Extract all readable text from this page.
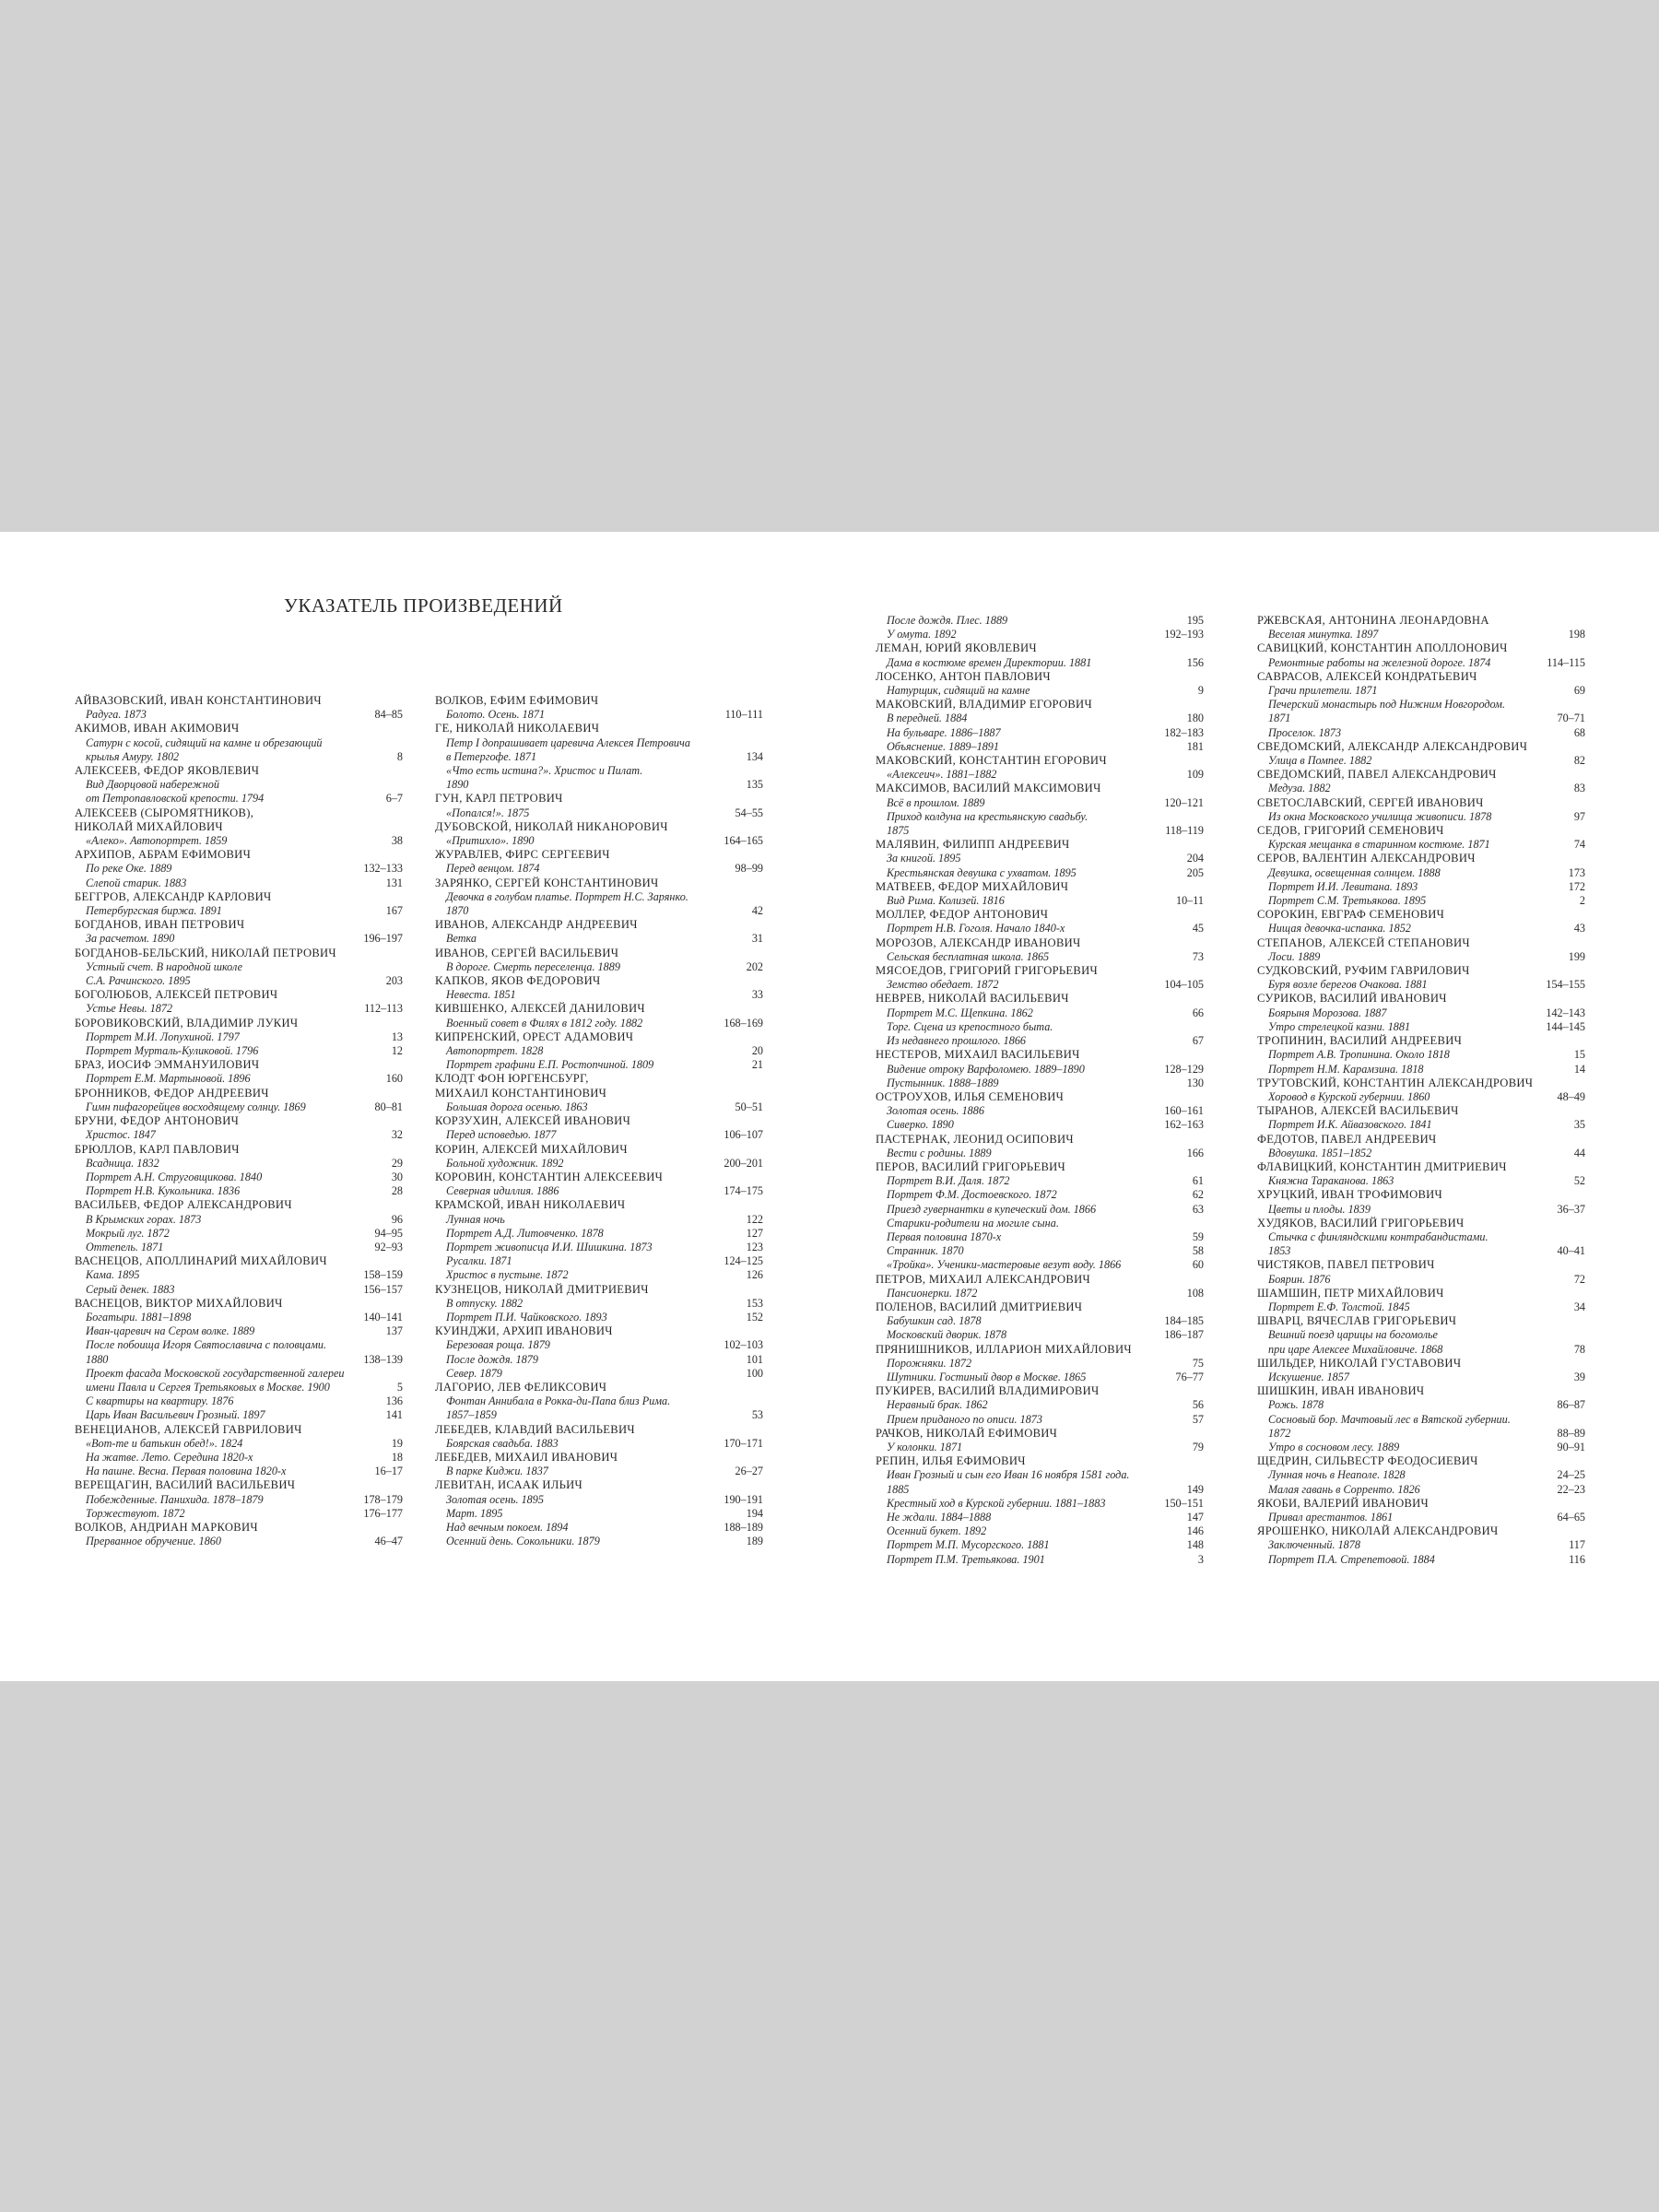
УКАЗАТЕЛЬ ПРОИЗВЕДЕНИЙ
АЙВАЗОВСКИЙ, ИВАН КОНСТАНТИНОВИЧ
Радуга. 1873	84–85
АКИМОВ, ИВАН АКИМОВИЧ
Сатурн с косой, сидящий на камне и обрезающий
крылья Амуру. 1802	8
АЛЕКСЕЕВ, ФЕДОР ЯКОВЛЕВИЧ
Вид Дворцовой набережной
от Петропавловской крепости. 1794	6–7
АЛЕКСЕЕВ (СЫРОМЯТНИКОВ),
НИКОЛАЙ МИХАЙЛОВИЧ
«Алеко». Автопортрет. 1859	38
АРХИПОВ, АБРАМ ЕФИМОВИЧ
По реке Оке. 1889	132–133
Слепой старик. 1883	131
БЕГГРОВ, АЛЕКСАНДР КАРЛОВИЧ
Петербургская биржа. 1891	167
БОГДАНОВ, ИВАН ПЕТРОВИЧ
За расчетом. 1890	196–197
БОГДАНОВ-БЕЛЬСКИЙ, НИКОЛАЙ ПЕТРОВИЧ
Устный счет. В народной школе
С.А. Рачинского. 1895	203
БОГОЛЮБОВ, АЛЕКСЕЙ ПЕТРОВИЧ
Устье Невы. 1872	112–113
БОРОВИКОВСКИЙ, ВЛАДИМИР ЛУКИЧ
Портрет М.И. Лопухиной. 1797	13
Портрет Мурталь-Куликовой. 1796	12
БРАЗ, ИОСИФ ЭММАНУИЛОВИЧ
Портрет Е.М. Мартыновой. 1896	160
БРОННИКОВ, ФЕДОР АНДРЕЕВИЧ
Гимн пифагорейцев восходящему солнцу. 1869	80–81
БРУНИ, ФЕДОР АНТОНОВИЧ
Христос. 1847	32
БРЮЛЛОВ, КАРЛ ПАВЛОВИЧ
Всадница. 1832	29
Портрет А.Н. Струговщикова. 1840	30
Портрет Н.В. Кукольника. 1836	28
ВАСИЛЬЕВ, ФЕДОР АЛЕКСАНДРОВИЧ
В Крымских горах. 1873	96
Мокрый луг. 1872	94–95
Оттепель. 1871	92–93
ВАСНЕЦОВ, АПОЛЛИНАРИЙ МИХАЙЛОВИЧ
Кама. 1895	158–159
Серый денек. 1883	156–157
ВАСНЕЦОВ, ВИКТОР МИХАЙЛОВИЧ
Богатыри. 1881–1898	140–141
Иван-царевич на Сером волке. 1889	137
После побоища Игоря Святославича с половцами.
1880	138–139
Проект фасада Московской государственной галереи
имени Павла и Сергея Третьяковых в Москве. 1900	5
С квартиры на квартиру. 1876	136
Царь Иван Васильевич Грозный. 1897	141
ВЕНЕЦИАНОВ, АЛЕКСЕЙ ГАВРИЛОВИЧ
«Вот-те и батькин обед!». 1824	19
На жатве. Лето. Середина 1820-х	18
На пашне. Весна. Первая половина 1820-х	16–17
ВЕРЕЩАГИН, ВАСИЛИЙ ВАСИЛЬЕВИЧ
Побежденные. Панихида. 1878–1879	178–179
Торжествуют. 1872	176–177
ВОЛКОВ, АНДРИАН МАРКОВИЧ
Прерванное обручение. 1860	46–47
ВОЛКОВ, ЕФИМ ЕФИМОВИЧ
Болото. Осень. 1871	110–111
ГЕ, НИКОЛАЙ НИКОЛАЕВИЧ
Петр I допрашивает царевича Алексея Петровича
в Петергофе. 1871	134
«Что есть истина?». Христос и Пилат.
1890	135
ГУН, КАРЛ ПЕТРОВИЧ
«Попался!». 1875	54–55
ДУБОВСКОЙ, НИКОЛАЙ НИКАНОРОВИЧ
«Притихло». 1890	164–165
ЖУРАВЛЕВ, ФИРС СЕРГЕЕВИЧ
Перед венцом. 1874	98–99
ЗАРЯНКО, СЕРГЕЙ КОНСТАНТИНОВИЧ
Девочка в голубом платье. Портрет Н.С. Зарянко.
1870	42
ИВАНОВ, АЛЕКСАНДР АНДРЕЕВИЧ
Ветка	31
ИВАНОВ, СЕРГЕЙ ВАСИЛЬЕВИЧ
В дороге. Смерть переселенца. 1889	202
КАПКОВ, ЯКОВ ФЕДОРОВИЧ
Невеста. 1851	33
КИВШЕНКО, АЛЕКСЕЙ ДАНИЛОВИЧ
Военный совет в Филях в 1812 году. 1882	168–169
КИПРЕНСКИЙ, ОРЕСТ АДАМОВИЧ
Автопортрет. 1828	20
Портрет графини Е.П. Ростопчиной. 1809	21
КЛОДТ ФОН ЮРГЕНСБУРГ,
МИХАИЛ КОНСТАНТИНОВИЧ
Большая дорога осенью. 1863	50–51
КОРЗУХИН, АЛЕКСЕЙ ИВАНОВИЧ
Перед исповедью. 1877	106–107
КОРИН, АЛЕКСЕЙ МИХАЙЛОВИЧ
Больной художник. 1892	200–201
КОРОВИН, КОНСТАНТИН АЛЕКСЕЕВИЧ
Северная идиллия. 1886	174–175
КРАМСКОЙ, ИВАН НИКОЛАЕВИЧ
Лунная ночь	122
Портрет А.Д. Литовченко. 1878	127
Портрет живописца И.И. Шишкина. 1873	123
Русалки. 1871	124–125
Христос в пустыне. 1872	126
КУЗНЕЦОВ, НИКОЛАЙ ДМИТРИЕВИЧ
В отпуску. 1882	153
Портрет П.И. Чайковского. 1893	152
КУИНДЖИ, АРХИП ИВАНОВИЧ
Березовая роща. 1879	102–103
После дождя. 1879	101
Север. 1879	100
ЛАГОРИО, ЛЕВ ФЕЛИКСОВИЧ
Фонтан Аннибала в Рокка-ди-Папа близ Рима.
1857–1859	53
ЛЕБЕДЕВ, КЛАВДИЙ ВАСИЛЬЕВИЧ
Боярская свадьба. 1883	170–171
ЛЕБЕДЕВ, МИХАИЛ ИВАНОВИЧ
В парке Киджи. 1837	26–27
ЛЕВИТАН, ИСААК ИЛЬИЧ
Золотая осень. 1895	190–191
Март. 1895	194
Над вечным покоем. 1894	188–189
Осенний день. Сокольники. 1879	189
После дождя. Плес. 1889	195
У омута. 1892	192–193
ЛЕМАН, ЮРИЙ ЯКОВЛЕВИЧ
Дама в костюме времен Директории. 1881	156
ЛОСЕНКО, АНТОН ПАВЛОВИЧ
Натурщик, сидящий на камне	9
МАКОВСКИЙ, ВЛАДИМИР ЕГОРОВИЧ
В передней. 1884	180
На бульваре. 1886–1887	182–183
Объяснение. 1889–1891	181
МАКОВСКИЙ, КОНСТАНТИН ЕГОРОВИЧ
«Алексеич». 1881–1882	109
МАКСИМОВ, ВАСИЛИЙ МАКСИМОВИЧ
Всё в прошлом. 1889	120–121
Приход колдуна на крестьянскую свадьбу.
1875	118–119
МАЛЯВИН, ФИЛИПП АНДРЕЕВИЧ
За книгой. 1895	204
Крестьянская девушка с ухватом. 1895	205
МАТВЕЕВ, ФЕДОР МИХАЙЛОВИЧ
Вид Рима. Колизей. 1816	10–11
МОЛЛЕР, ФЕДОР АНТОНОВИЧ
Портрет Н.В. Гоголя. Начало 1840-х	45
МОРОЗОВ, АЛЕКСАНДР ИВАНОВИЧ
Сельская бесплатная школа. 1865	73
МЯСОЕДОВ, ГРИГОРИЙ ГРИГОРЬЕВИЧ
Земство обедает. 1872	104–105
НЕВРЕВ, НИКОЛАЙ ВАСИЛЬЕВИЧ
Портрет М.С. Щепкина. 1862	66
Торг. Сцена из крепостного быта.
Из недавнего прошлого. 1866	67
НЕСТЕРОВ, МИХАИЛ ВАСИЛЬЕВИЧ
Видение отроку Варфоломею. 1889–1890	128–129
Пустынник. 1888–1889	130
ОСТРОУХОВ, ИЛЬЯ СЕМЕНОВИЧ
Золотая осень. 1886	160–161
Сиверко. 1890	162–163
ПАСТЕРНАК, ЛЕОНИД ОСИПОВИЧ
Вести с родины. 1889	166
ПЕРОВ, ВАСИЛИЙ ГРИГОРЬЕВИЧ
Портрет В.И. Даля. 1872	61
Портрет Ф.М. Достоевского. 1872	62
Приезд гувернантки в купеческий дом. 1866	63
Старики-родители на могиле сына.
Первая половина 1870-х	59
Странник. 1870	58
«Тройка». Ученики-мастеровые везут воду. 1866	60
ПЕТРОВ, МИХАИЛ АЛЕКСАНДРОВИЧ
Пансионерки. 1872	108
ПОЛЕНОВ, ВАСИЛИЙ ДМИТРИЕВИЧ
Бабушкин сад. 1878	184–185
Московский дворик. 1878	186–187
ПРЯНИШНИКОВ, ИЛЛАРИОН МИХАЙЛОВИЧ
Порожняки. 1872	75
Шутники. Гостиный двор в Москве. 1865	76–77
ПУКИРЕВ, ВАСИЛИЙ ВЛАДИМИРОВИЧ
Неравный брак. 1862	56
Прием приданого по описи. 1873	57
РАЧКОВ, НИКОЛАЙ ЕФИМОВИЧ
У колонки. 1871	79
РЕПИН, ИЛЬЯ ЕФИМОВИЧ
Иван Грозный и сын его Иван 16 ноября 1581 года.
1885	149
Крестный ход в Курской губернии. 1881–1883	150–151
Не ждали. 1884–1888	147
Осенний букет. 1892	146
Портрет М.П. Мусоргского. 1881	148
Портрет П.М. Третьякова. 1901	3
РЖЕВСКАЯ, АНТОНИНА ЛЕОНАРДОВНА
Веселая минутка. 1897	198
САВИЦКИЙ, КОНСТАНТИН АПОЛЛОНОВИЧ
Ремонтные работы на железной дороге. 1874	114–115
САВРАСОВ, АЛЕКСЕЙ КОНДРАТЬЕВИЧ
Грачи прилетели. 1871	69
Печерский монастырь под Нижним Новгородом.
1871	70–71
Проселок. 1873	68
СВЕДОМСКИЙ, АЛЕКСАНДР АЛЕКСАНДРОВИЧ
Улица в Помпее. 1882	82
СВЕДОМСКИЙ, ПАВЕЛ АЛЕКСАНДРОВИЧ
Медуза. 1882	83
СВЕТОСЛАВСКИЙ, СЕРГЕЙ ИВАНОВИЧ
Из окна Московского училища живописи. 1878	97
СЕДОВ, ГРИГОРИЙ СЕМЕНОВИЧ
Курская мещанка в старинном костюме. 1871	74
СЕРОВ, ВАЛЕНТИН АЛЕКСАНДРОВИЧ
Девушка, освещенная солнцем. 1888	173
Портрет И.И. Левитана. 1893	172
Портрет С.М. Третьякова. 1895	2
СОРОКИН, ЕВГРАФ СЕМЕНОВИЧ
Нищая девочка-испанка. 1852	43
СТЕПАНОВ, АЛЕКСЕЙ СТЕПАНОВИЧ
Лоси. 1889	199
СУДКОВСКИЙ, РУФИМ ГАВРИЛОВИЧ
Буря возле берегов Очакова. 1881	154–155
СУРИКОВ, ВАСИЛИЙ ИВАНОВИЧ
Боярыня Морозова. 1887	142–143
Утро стрелецкой казни. 1881	144–145
ТРОПИНИН, ВАСИЛИЙ АНДРЕЕВИЧ
Портрет А.В. Тропинина. Около 1818	15
Портрет Н.М. Карамзина. 1818	14
ТРУТОВСКИЙ, КОНСТАНТИН АЛЕКСАНДРОВИЧ
Хоровод в Курской губернии. 1860	48–49
ТЫРАНОВ, АЛЕКСЕЙ ВАСИЛЬЕВИЧ
Портрет И.К. Айвазовского. 1841	35
ФЕДОТОВ, ПАВЕЛ АНДРЕЕВИЧ
Вдовушка. 1851–1852	44
ФЛАВИЦКИЙ, КОНСТАНТИН ДМИТРИЕВИЧ
Княжна Тараканова. 1863	52
ХРУЦКИЙ, ИВАН ТРОФИМОВИЧ
Цветы и плоды. 1839	36–37
ХУДЯКОВ, ВАСИЛИЙ ГРИГОРЬЕВИЧ
Стычка с финляндскими контрабандистами.
1853	40–41
ЧИСТЯКОВ, ПАВЕЛ ПЕТРОВИЧ
Боярин. 1876	72
ШАМШИН, ПЕТР МИХАЙЛОВИЧ
Портрет Е.Ф. Толстой. 1845	34
ШВАРЦ, ВЯЧЕСЛАВ ГРИГОРЬЕВИЧ
Вешний поезд царицы на богомолье
при царе Алексее Михайловиче. 1868	78
ШИЛЬДЕР, НИКОЛАЙ ГУСТАВОВИЧ
Искушение. 1857	39
ШИШКИН, ИВАН ИВАНОВИЧ
Рожь. 1878	86–87
Сосновый бор. Мачтовый лес в Вятской губернии.
1872	88–89
Утро в сосновом лесу. 1889	90–91
ЩЕДРИН, СИЛЬВЕСТР ФЕОДОСИЕВИЧ
Лунная ночь в Неаполе. 1828	24–25
Малая гавань в Сорренто. 1826	22–23
ЯКОБИ, ВАЛЕРИЙ ИВАНОВИЧ
Привал арестантов. 1861	64–65
ЯРОШЕНКО, НИКОЛАЙ АЛЕКСАНДРОВИЧ
Заключенный. 1878	117
Портрет П.А. Стрепетовой. 1884	116
